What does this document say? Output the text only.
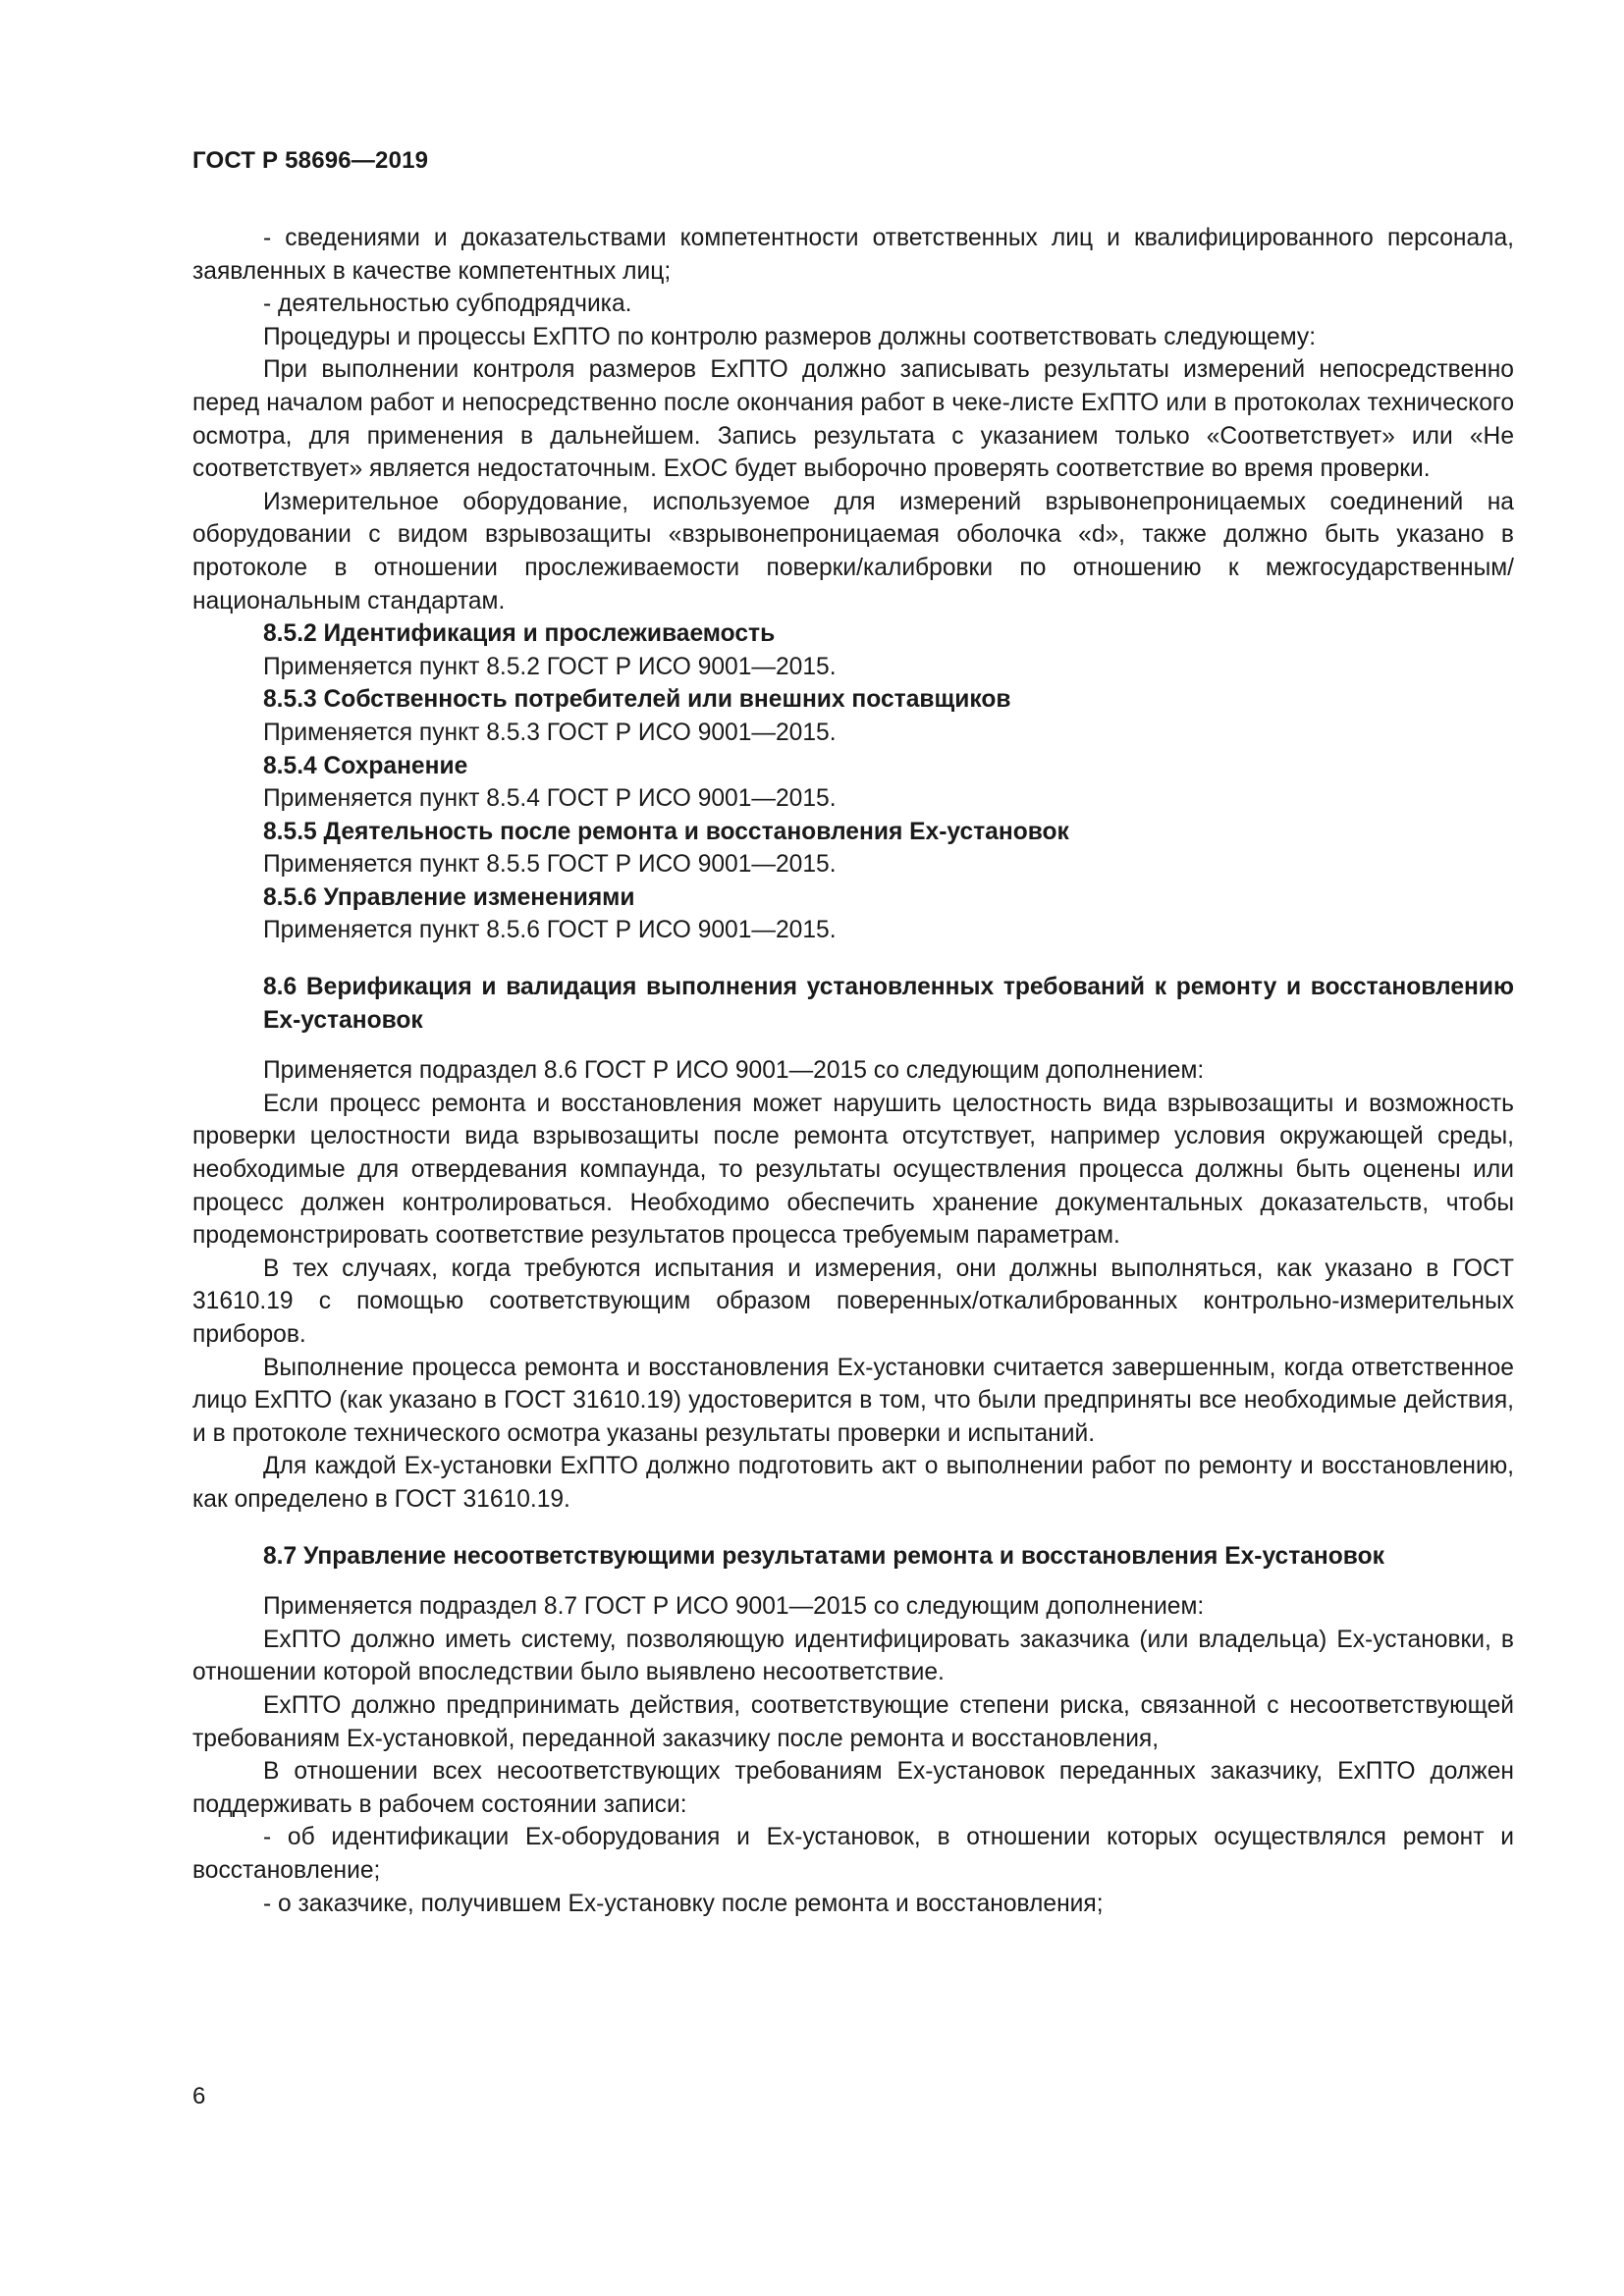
ГОСТ Р 58696—2019

- сведениями и доказательствами компетентности ответственных лиц и квалифицированного персонала, заявленных в качестве компетентных лиц;

- деятельностью субподрядчика.

Процедуры и процессы ExПТО по контролю размеров должны соответствовать следующему:

При выполнении контроля размеров ExПТО должно записывать результаты измерений непосредственно перед началом работ и непосредственно после окончания работ в чеке-листе ExПТО или в протоколах технического осмотра, для применения в дальнейшем. Запись результата с указанием только «Соответствует» или «Не соответствует» является недостаточным. ExОС будет выборочно проверять соответствие во время проверки.

Измерительное оборудование, используемое для измерений взрывонепроницаемых соединений на оборудовании с видом взрывозащиты «взрывонепроницаемая оболочка «d», также должно быть указано в протоколе в отношении прослеживаемости поверки/калибровки по отношению к межгосударственным/национальным стандартам.

8.5.2 Идентификация и прослеживаемость

Применяется пункт 8.5.2 ГОСТ Р ИСО 9001—2015.

8.5.3 Собственность потребителей или внешних поставщиков

Применяется пункт 8.5.3 ГОСТ Р ИСО 9001—2015.

8.5.4 Сохранение

Применяется пункт 8.5.4 ГОСТ Р ИСО 9001—2015.

8.5.5 Деятельность после ремонта и восстановления Ex-установок

Применяется пункт 8.5.5 ГОСТ Р ИСО 9001—2015.

8.5.6 Управление изменениями

Применяется пункт 8.5.6 ГОСТ Р ИСО 9001—2015.

8.6 Верификация и валидация выполнения установленных требований к ремонту и восстановлению Ex-установок

Применяется подраздел 8.6 ГОСТ Р ИСО 9001—2015 со следующим дополнением:

Если процесс ремонта и восстановления может нарушить целостность вида взрывозащиты и возможность проверки целостности вида взрывозащиты после ремонта отсутствует, например условия окружающей среды, необходимые для отвердевания компаунда, то результаты осуществления процесса должны быть оценены или процесс должен контролироваться. Необходимо обеспечить хранение документальных доказательств, чтобы продемонстрировать соответствие результатов процесса требуемым параметрам.

В тех случаях, когда требуются испытания и измерения, они должны выполняться, как указано в ГОСТ 31610.19 с помощью соответствующим образом поверенных/откалиброванных контрольно-измерительных приборов.

Выполнение процесса ремонта и восстановления Ex-установки считается завершенным, когда ответственное лицо ExПТО (как указано в ГОСТ 31610.19) удостоверится в том, что были предприняты все необходимые действия, и в протоколе технического осмотра указаны результаты проверки и испытаний.

Для каждой Ex-установки ExПТО должно подготовить акт о выполнении работ по ремонту и восстановлению, как определено в ГОСТ 31610.19.

8.7 Управление несоответствующими результатами ремонта и восстановления Ex-установок

Применяется подраздел 8.7 ГОСТ Р ИСО 9001—2015 со следующим дополнением:

ExПТО должно иметь систему, позволяющую идентифицировать заказчика (или владельца) Ex-установки, в отношении которой впоследствии было выявлено несоответствие.

ExПТО должно предпринимать действия, соответствующие степени риска, связанной с несоответствующей требованиям Ex-установкой, переданной заказчику после ремонта и восстановления,

В отношении всех несоответствующих требованиям Ex-установок переданных заказчику, ExПТО должен поддерживать в рабочем состоянии записи:

- об идентификации Ex-оборудования и Ex-установок, в отношении которых осуществлялся ремонт и восстановление;

- о заказчике, получившем Ex-установку после ремонта и восстановления;

6
